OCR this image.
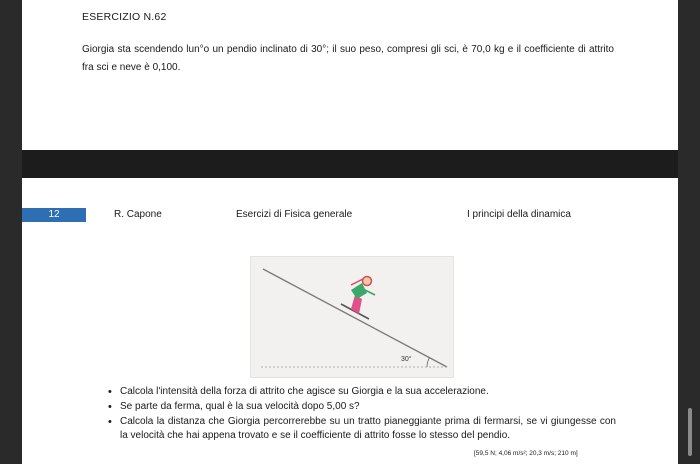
ESERCIZIO N.62
Giorgia sta scendendo lun°o un pendio inclinato di 30°; il suo peso, compresi gli sci, è 70,0 kg e il coefficiente di attrito fra sci e neve è 0,100.
12	R. Capone	Esercizi di Fisica generale	I principi della dinamica
30°
• Calcola l'intensità della forza di attrito che agisce su Giorgia e la sua accelerazione.
• Se parte da ferma, qual è la sua velocità dopo 5,00 s?
• Calcola la distanza che Giorgia percorrerebbe su un tratto pianeggiante prima di fermarsi, se vi giungesse con la velocità che hai appena trovato e se il coefficiente di attrito fosse lo stesso del pendio.
[59,5 N; 4,06 m/s²; 20,3 m/s; 210 m]
